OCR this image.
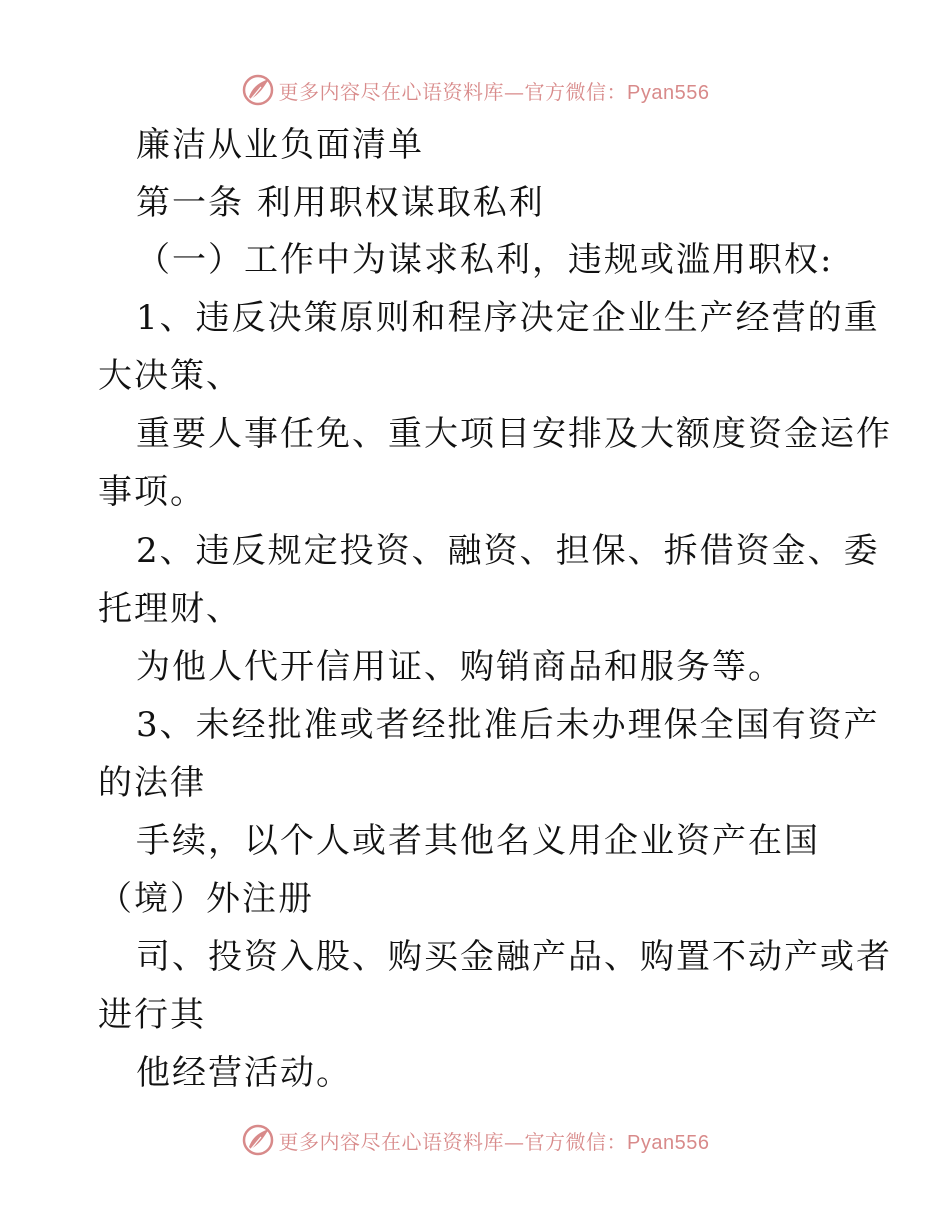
更多内容尽在心语资料库—官方微信：Pyan556
廉洁从业负面清单
第一条 利用职权谋取私利
（一）工作中为谋求私利，违规或滥用职权:
1、违反决策原则和程序决定企业生产经营的重
大决策、
重要人事任免、重大项目安排及大额度资金运作
事项。
2、违反规定投资、融资、担保、拆借资金、委
托理财、
为他人代开信用证、购销商品和服务等。
3、未经批准或者经批准后未办理保全国有资产
的法律
手续，以个人或者其他名义用企业资产在国
（境）外注册
司、投资入股、购买金融产品、购置不动产或者
进行其
他经营活动。
更多内容尽在心语资料库—官方微信：Pyan556
